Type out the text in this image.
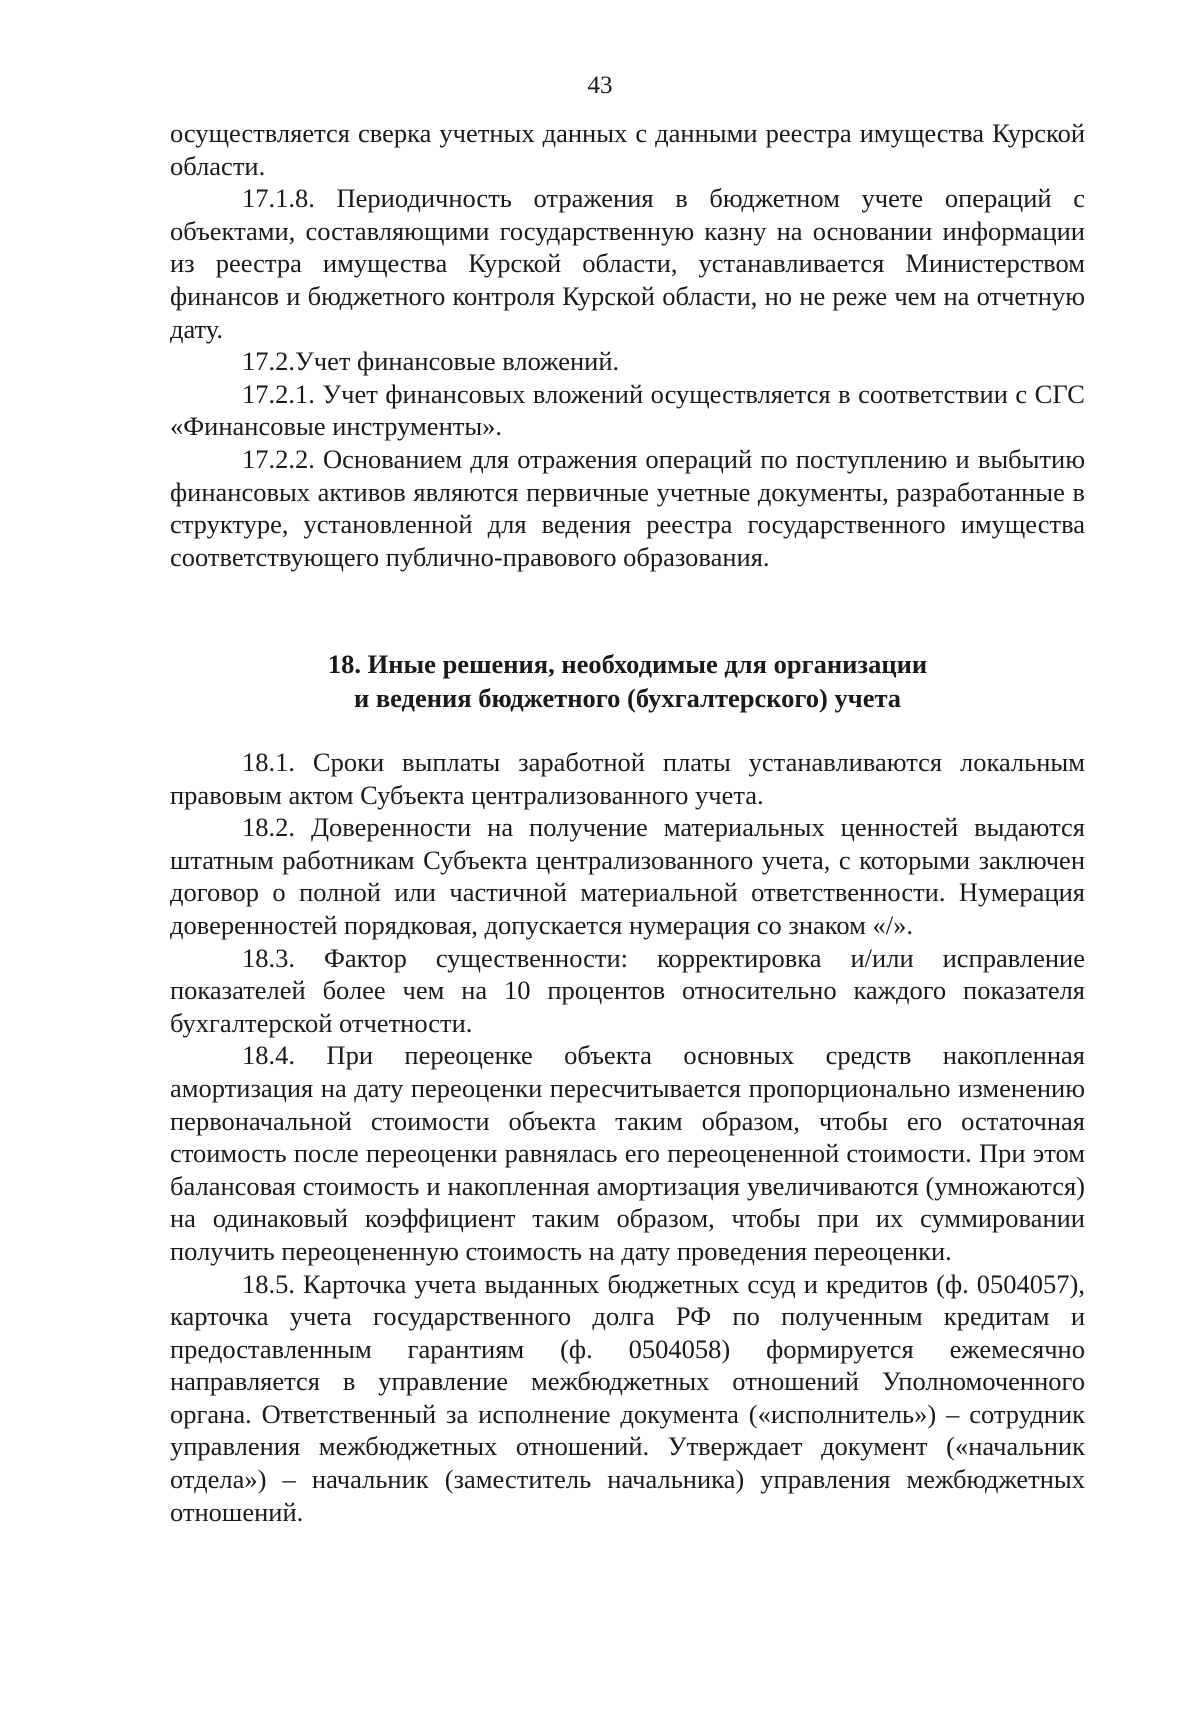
43

осуществляется сверка учетных данных с данными реестра имущества Курской области.

17.1.8. Периодичность отражения в бюджетном учете операций с объектами, составляющими государственную казну на основании информации из реестра имущества Курской области, устанавливается Министерством финансов и бюджетного контроля Курской области, но не реже чем на отчетную дату.

17.2.Учет финансовые вложений.

17.2.1. Учет финансовых вложений осуществляется в соответствии с СГС «Финансовые инструменты».

17.2.2. Основанием для отражения операций по поступлению и выбытию финансовых активов являются первичные учетные документы, разработанные в структуре, установленной для ведения реестра государственного имущества соответствующего публично-правового образования.

18. Иные решения, необходимые для организации
и ведения бюджетного (бухгалтерского) учета

18.1. Сроки выплаты заработной платы устанавливаются локальным правовым актом Субъекта централизованного учета.

18.2. Доверенности на получение материальных ценностей выдаются штатным работникам Субъекта централизованного учета, с которыми заключен договор о полной или частичной материальной ответственности. Нумерация доверенностей порядковая, допускается нумерация со знаком «/».

18.3. Фактор существенности: корректировка и/или исправление показателей более чем на 10 процентов относительно каждого показателя бухгалтерской отчетности.

18.4. При переоценке объекта основных средств накопленная амортизация на дату переоценки пересчитывается пропорционально изменению первоначальной стоимости объекта таким образом, чтобы его остаточная стоимость после переоценки равнялась его переоцененной стоимости. При этом балансовая стоимость и накопленная амортизация увеличиваются (умножаются) на одинаковый коэффициент таким образом, чтобы при их суммировании получить переоцененную стоимость на дату проведения переоценки.

18.5. Карточка учета выданных бюджетных ссуд и кредитов (ф. 0504057), карточка учета государственного долга РФ по полученным кредитам и предоставленным гарантиям (ф. 0504058) формируется ежемесячно направляется в управление межбюджетных отношений Уполномоченного органа. Ответственный за исполнение документа («исполнитель») – сотрудник управления межбюджетных отношений. Утверждает документ («начальник отдела») – начальник (заместитель начальника) управления межбюджетных отношений.
